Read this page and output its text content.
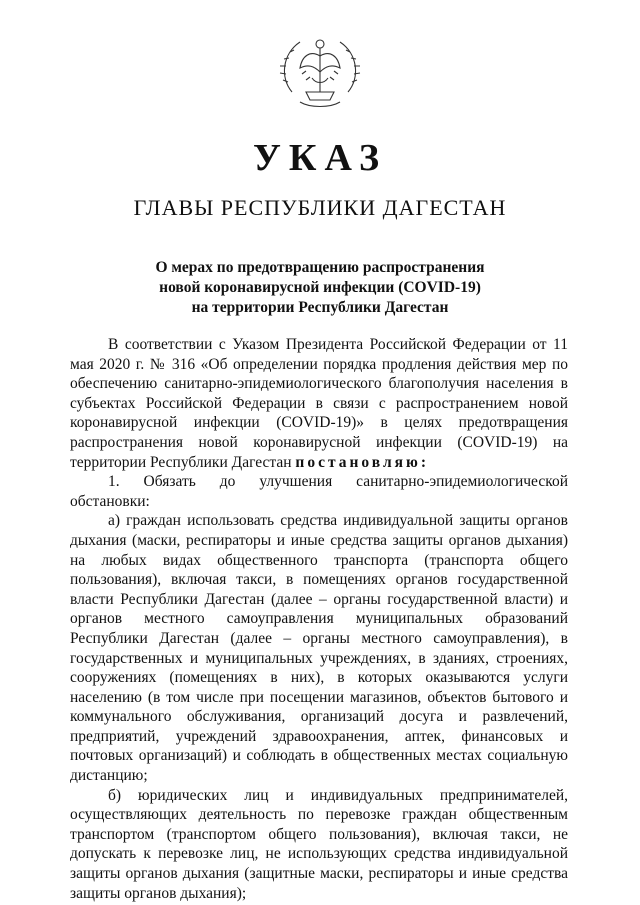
УКАЗ
ГЛАВЫ РЕСПУБЛИКИ ДАГЕСТАН
О мерах по предотвращению распространения
новой коронавирусной инфекции (COVID-19)
на территории Республики Дагестан

В соответствии с Указом Президента Российской Федерации от 11 мая 2020 г. № 316 «Об определении порядка продления действия мер по обеспечению санитарно-эпидемиологического благополучия населения в субъектах Российской Федерации в связи с распространением новой коронавирусной инфекции (COVID-19)» в целях предотвращения распространения новой коронавирусной инфекции (COVID-19) на территории Республики Дагестан постановляю:

1. Обязать до улучшения санитарно-эпидемиологической обстановки:

а) граждан использовать средства индивидуальной защиты органов дыхания (маски, респираторы и иные средства защиты органов дыхания) на любых видах общественного транспорта (транспорта общего пользования), включая такси, в помещениях органов государственной власти Республики Дагестан (далее – органы государственной власти) и органов местного самоуправления муниципальных образований Республики Дагестан (далее – органы местного самоуправления), в государственных и муниципальных учреждениях, в зданиях, строениях, сооружениях (помещениях в них), в которых оказываются услуги населению (в том числе при посещении магазинов, объектов бытового и коммунального обслуживания, организаций досуга и развлечений, предприятий, учреждений здравоохранения, аптек, финансовых и почтовых организаций) и соблюдать в общественных местах социальную дистанцию;

б) юридических лиц и индивидуальных предпринимателей, осуществляющих деятельность по перевозке граждан общественным транспортом (транспортом общего пользования), включая такси, не допускать к перевозке лиц, не использующих средства индивидуальной защиты органов дыхания (защитные маски, респираторы и иные средства защиты органов дыхания);
